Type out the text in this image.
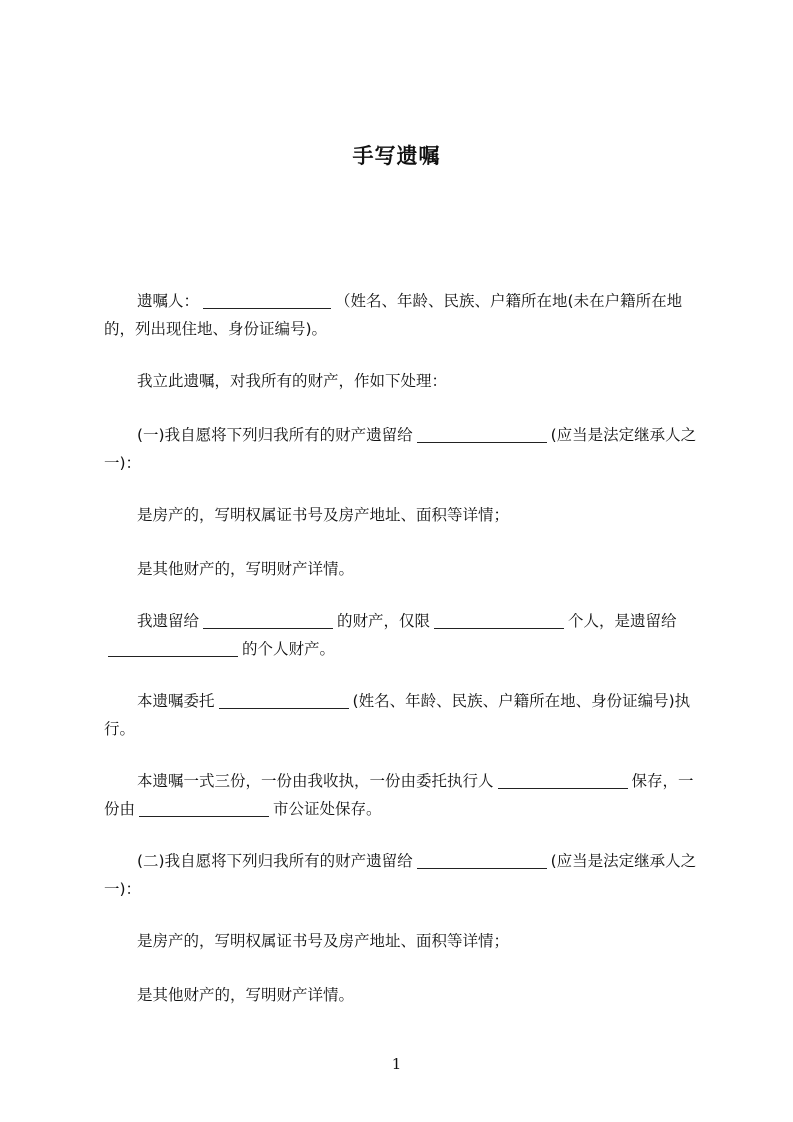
手写遗嘱
遗嘱人：	（姓名、年龄、民族、户籍所在地(未在户籍所在地的，列出现住地、身份证编号)。
我立此遗嘱，对我所有的财产，作如下处理：
(一)我自愿将下列归我所有的财产遗留给	(应当是法定继承人之一)：
是房产的，写明权属证书号及房产地址、面积等详情；
是其他财产的，写明财产详情。
我遗留给	的财产，仅限	个人，是遗留给的个人财产。
本遗嘱委托	(姓名、年龄、民族、户籍所在地、身份证编号)执行。
本遗嘱一式三份，一份由我收执，一份由委托执行人	保存，一份由	市公证处保存。
(二)我自愿将下列归我所有的财产遗留给	(应当是法定继承人之一)：
是房产的，写明权属证书号及房产地址、面积等详情；
是其他财产的，写明财产详情。
1
